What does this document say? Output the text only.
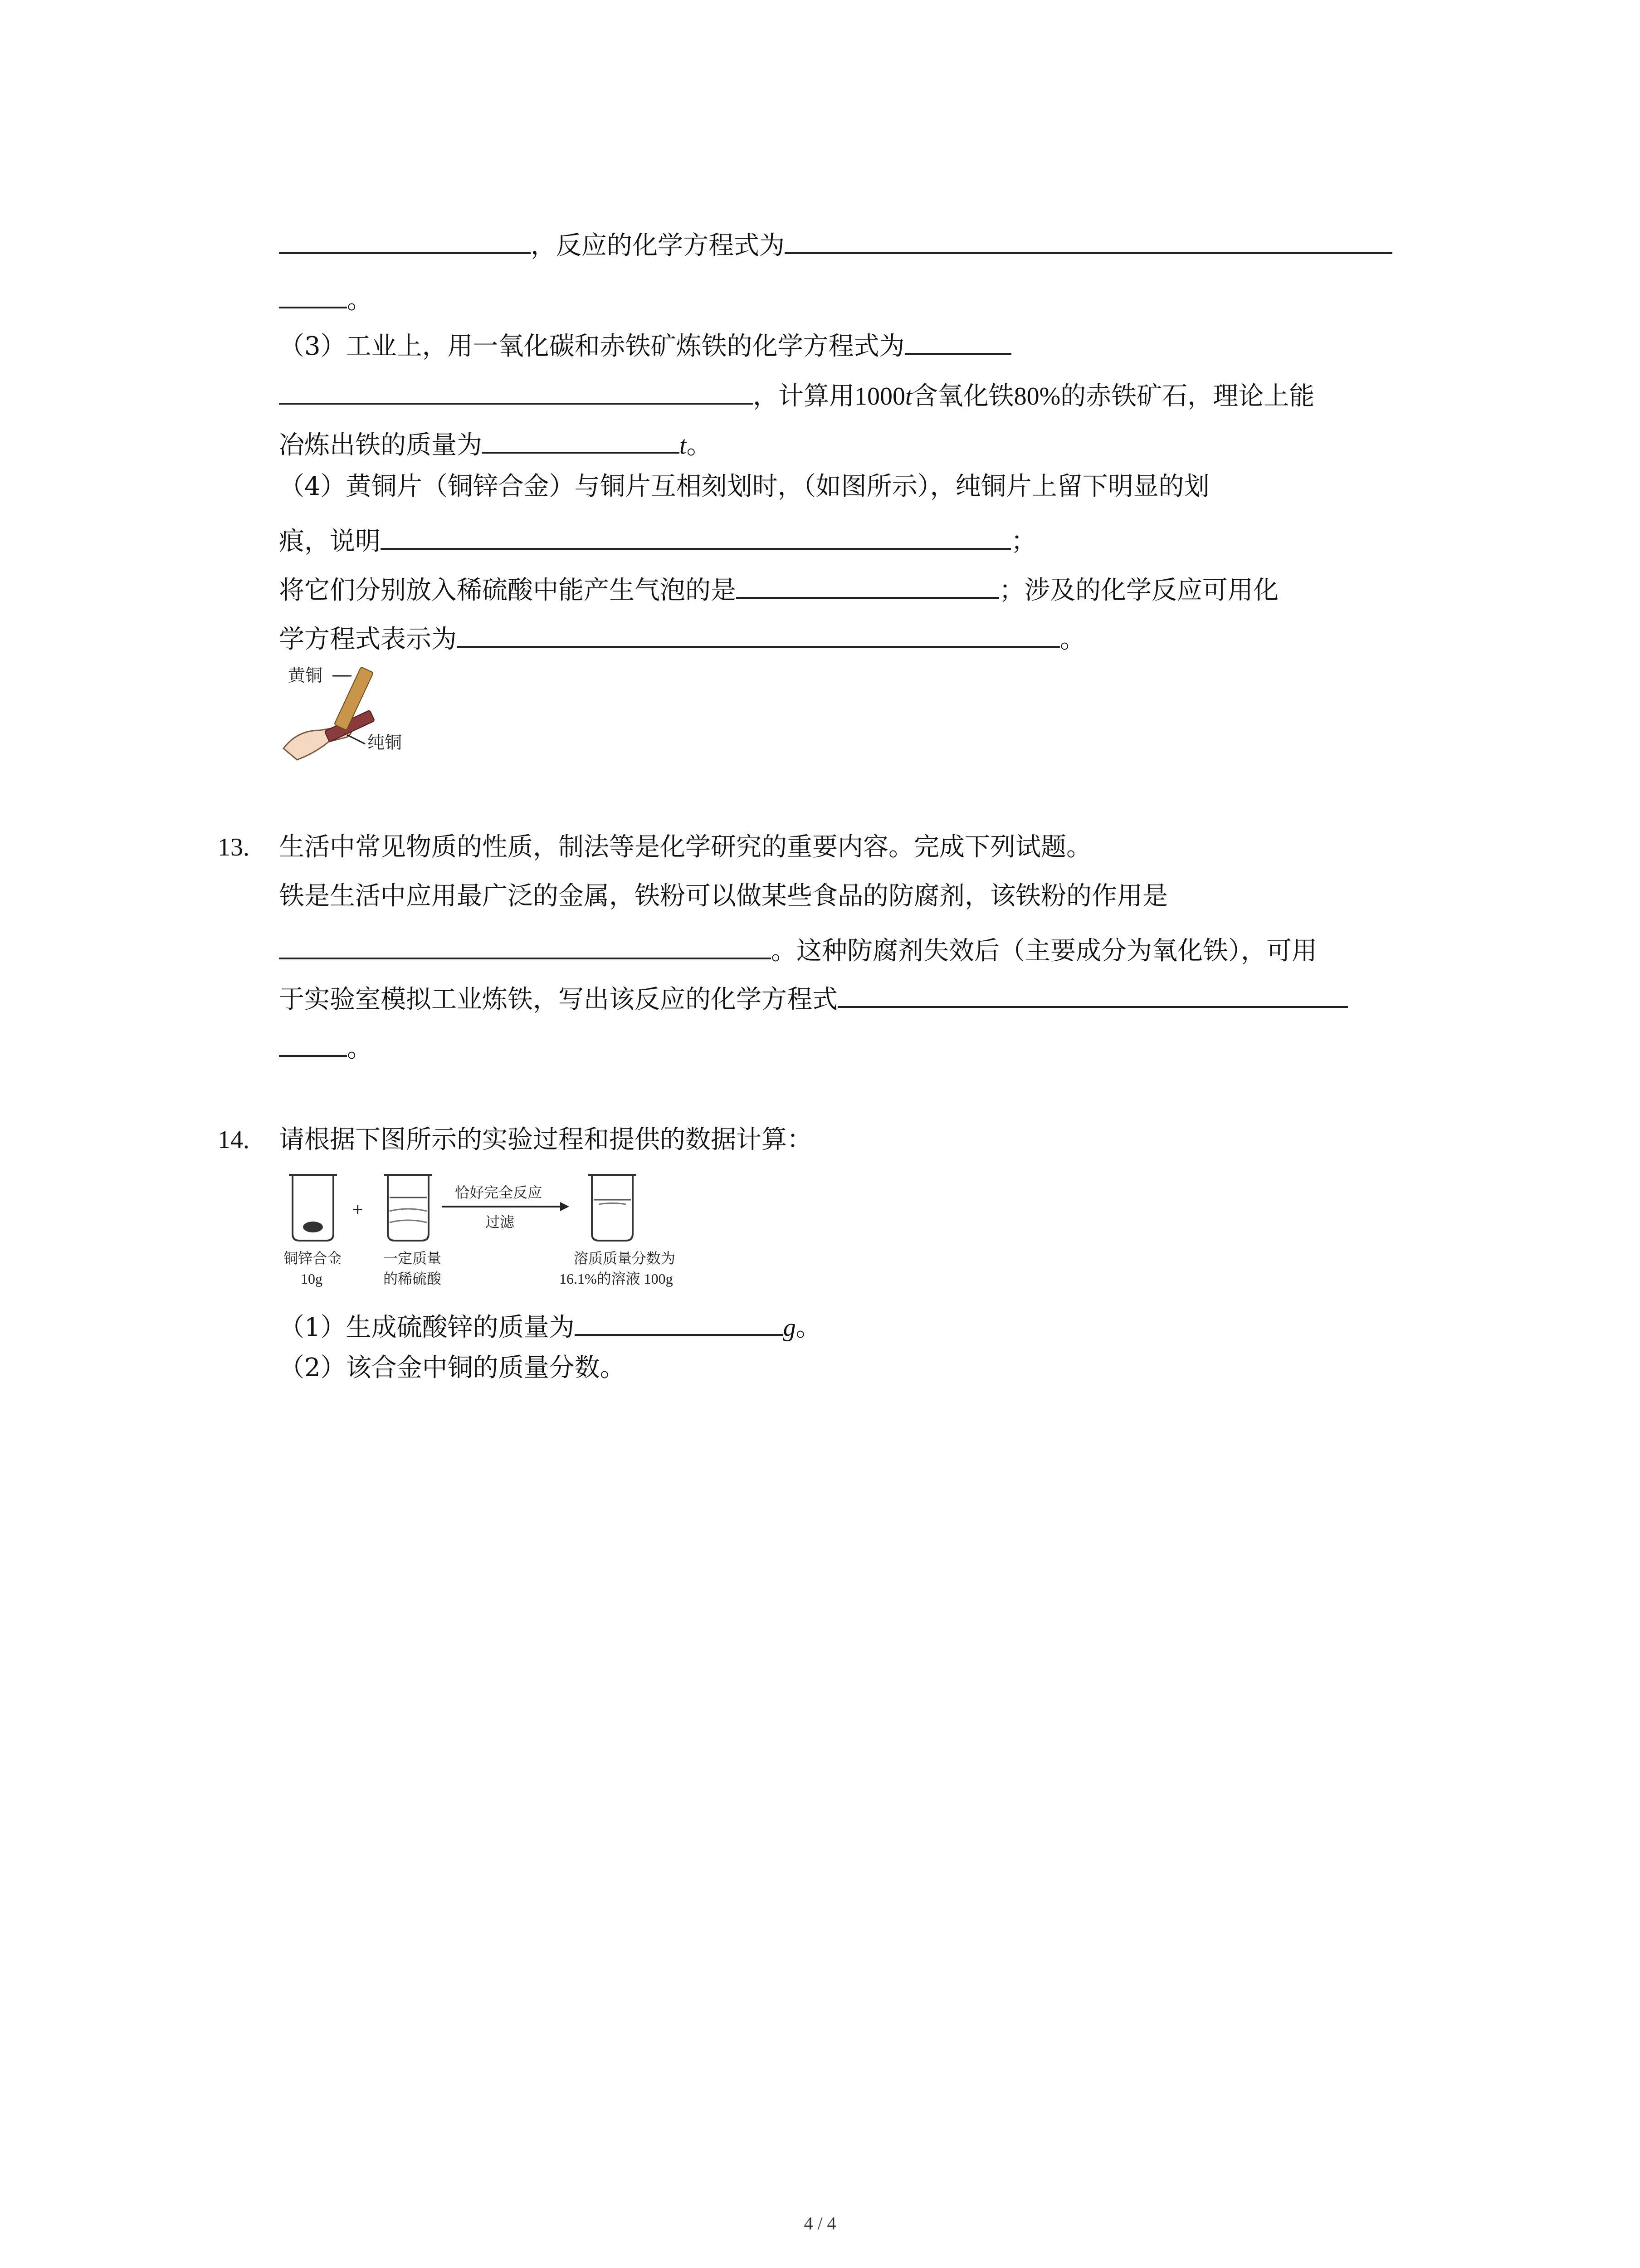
，反应的化学方程式为
。
（3）工业上，用一氧化碳和赤铁矿炼铁的化学方程式为
，计算用1000t含氧化铁80%的赤铁矿石，理论上能
冶炼出铁的质量为	t。
（4）黄铜片（铜锌合金）与铜片互相刻划时，（如图所示），纯铜片上留下明显的划
痕，说明	；
将它们分别放入稀硫酸中能产生气泡的是	；涉及的化学反应可用化
学方程式表示为	。
黄铜
纯铜
13. 生活中常见物质的性质，制法等是化学研究的重要内容。完成下列试题。
铁是生活中应用最广泛的金属，铁粉可以做某些食品的防腐剂，该铁粉的作用是
。这种防腐剂失效后（主要成分为氧化铁），可用
于实验室模拟工业炼铁，写出该反应的化学方程式
。
14. 请根据下图所示的实验过程和提供的数据计算：
+
恰好完全反应
过滤
铜锌合金
10g
一定质量
的稀硫酸
溶质质量分数为
16.1%的溶液 100g
（1）生成硫酸锌的质量为	g。
（2）该合金中铜的质量分数。
4 / 4
